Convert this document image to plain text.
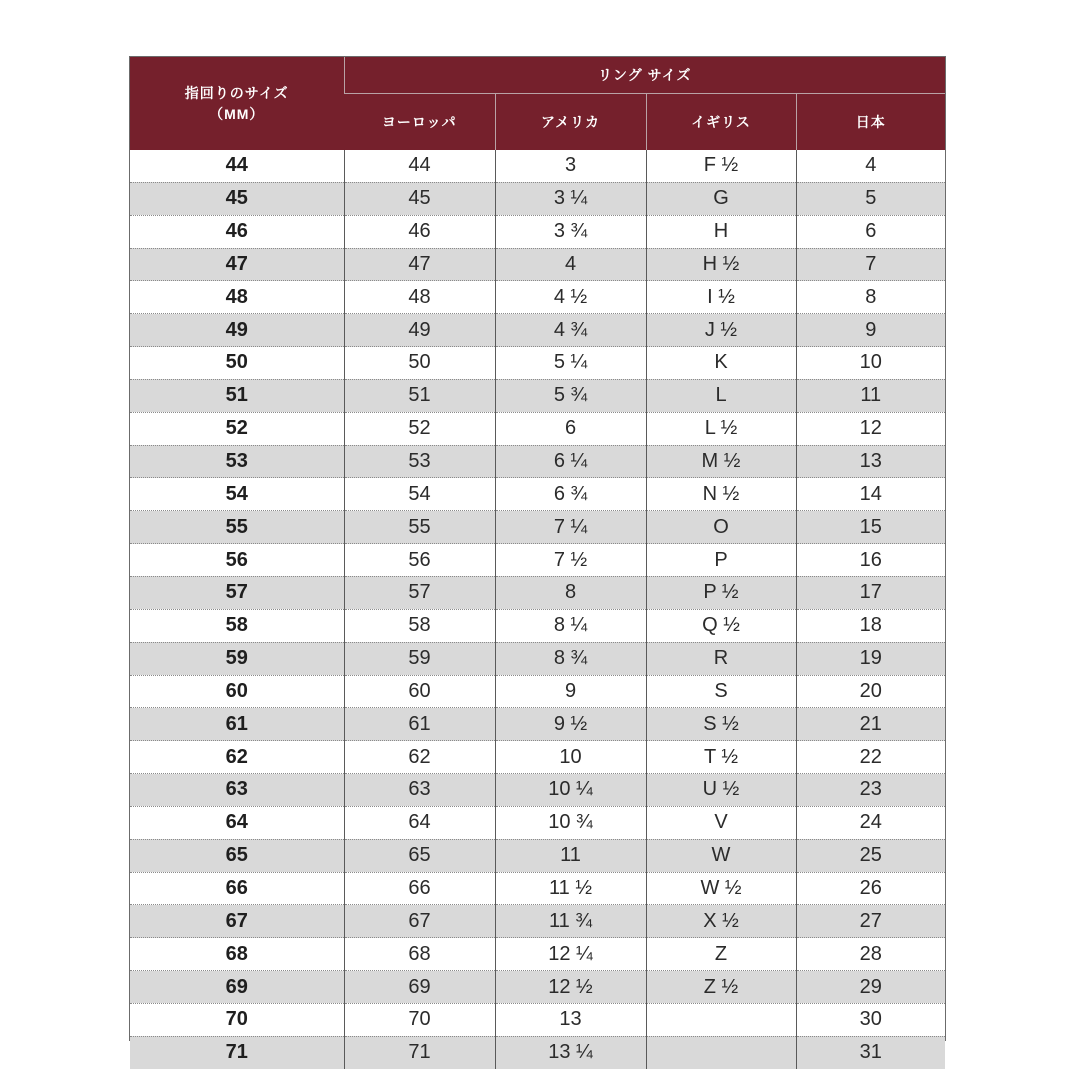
指回りのサイズ
（MM）	リング サイズ			
	ヨーロッパ	アメリカ	イギリス	日本
44	44	3	F ½	4
45	45	3 ¼	G	5
46	46	3 ¾	H	6
47	47	4	H ½	7
48	48	4 ½	I ½	8
49	49	4 ¾	J ½	9
50	50	5 ¼	K	10
51	51	5 ¾	L	11
52	52	6	L ½	12
53	53	6 ¼	M ½	13
54	54	6 ¾	N ½	14
55	55	7 ¼	O	15
56	56	7 ½	P	16
57	57	8	P ½	17
58	58	8 ¼	Q ½	18
59	59	8 ¾	R	19
60	60	9	S	20
61	61	9 ½	S ½	21
62	62	10	T ½	22
63	63	10 ¼	U ½	23
64	64	10 ¾	V	24
65	65	11	W	25
66	66	11 ½	W ½	26
67	67	11 ¾	X ½	27
68	68	12 ¼	Z	28
69	69	12 ½	Z ½	29
70	70	13		30
71	71	13 ¼		31
